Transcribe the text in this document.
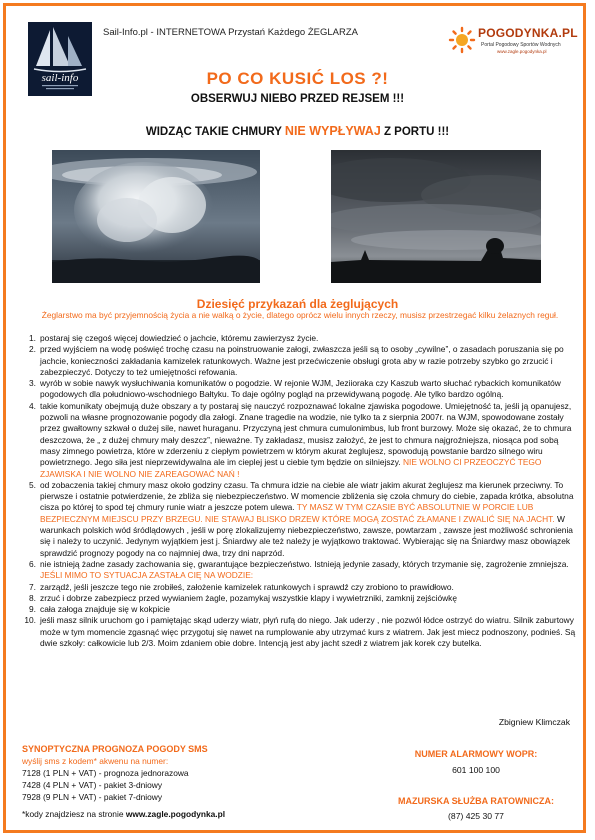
sail-info
Sail-Info.pl - INTERNETOWA Przystań Każdego ŻEGLARZA	POGODYNKA.PL
Portal Pogodowy Sportów Wodnych
www.zagle.pogodynka.pl
PO CO KUSIĆ LOS ?!
OBSERWUJ NIEBO PRZED REJSEM !!!
WIDZĄC TAKIE CHMURY NIE WYPŁYWAJ Z PORTU !!!
Dziesięć przykazań dla żeglujących
Żeglarstwo ma być przyjemnością życia a nie walką o życie, dlatego oprócz wielu innych rzeczy, musisz przestrzegać kilku żelaznych reguł.
postaraj się czegoś więcej dowiedzieć o jachcie, któremu zawierzysz życie.
przed wyjściem na wodę poświęć trochę czasu na poinstruowanie załogi, zwłaszcza jeśli są to osoby „cywilne”, o zasadach poruszania się po jachcie, konieczności zakładania kamizelek ratunkowych. Ważne jest przećwiczenie obsługi grota aby w razie potrzeby szybko go zrzucić i zabezpieczyć. Dotyczy to też umiejętności refowania.
wyrób w sobie nawyk wysłuchiwania komunikatów o pogodzie. W rejonie WJM, Jeziioraka czy Kaszub warto słuchać rybackich komunikatów pogodowych dla południowo-wschodniego Bałtyku. To daje ogólny pogląd na przewidywaną pogodę. Ale tylko bardzo ogólną.
takie komunikaty obejmują duże obszary a ty postaraj się nauczyć rozpoznawać lokalne zjawiska pogodowe. Umiejętność ta, jeśli ją opanujesz, pozwoli na własne prognozowanie pogody dla załogi. Znane tragedie na wodzie, nie tylko ta z sierpnia 2007r. na WJM, spowodowane zostały przez gwałtowny szkwał o dużej sile, nawet huraganu. Przyczyną jest chmura cumulonimbus, lub front burzowy. Może się okazać, że to chmura deszczowa, że „ z dużej chmury mały deszcz”, nieważne. Ty zakładasz, musisz założyć, że jest to chmura najgroźniejsza, niosąca pod sobą masy zimnego powietrza, które w zderzeniu z ciepłym powietrzem w którym akurat żeglujesz, spowodują powstanie bardzo silnego wiru powietrznego. Jego siła jest nieprzewidywalna ale im cieplej jest u ciebie tym będzie on silniejszy. NIE WOLNO CI PRZEOCZYĆ TEGO ZJAWISKA I NIE WOLNO NIE ZAREAGOWAĆ NAŃ !
od zobaczenia takiej chmury masz około godziny czasu. Ta chmura idzie na ciebie ale wiatr jakim akurat żeglujesz ma kierunek przeciwny. To pierwsze i ostatnie potwierdzenie, że zbliża się niebezpieczeństwo. W momencie zbliżenia się czoła chmury do ciebie, zapada krótka, absolutna cisza po której to spod tej chmury runie wiatr a jeszcze potem ulewa. TY MASZ W TYM CZASIE BYĆ ABSOLUTNIE W PORCIE LUB BEZPIECZNYM MIEJSCU PRZY BRZEGU. NIE STAWAJ BLISKO DRZEW KTÓRE MOGĄ ZOSTAĆ ZŁAMANE I ZWALIĆ SIĘ NA JACHT. W warunkach polskich wód śródlądowych , jeśli w porę zlokalizujemy niebezpieczeństwo, zawsze, powtarzam , zawsze jest możliwość schronienia się i należy to uczynić. Jedynym wyjątkiem jest j. Śniardwy ale też należy je wyjątkowo traktować. Wybierając się na Śniardwy masz obowiązek sprawdzić prognozy pogody na co najmniej dwa, trzy dni naprzód.
nie istnieją żadne zasady zachowania się, gwarantujące bezpieczeństwo. Istnieją jedynie zasady, których trzymanie się, zagrożenie zmniejsza. JEŚLI MIMO TO SYTUACJA ZASTAŁA CIĘ NA WODZIE:
zarządź, jeśli jeszcze tego nie zrobiłeś, założenie kamizelek ratunkowych i sprawdź czy zrobiono to prawidłowo.
zrzuć i dobrze zabezpiecz przed wywianiem żagle, pozamykaj wszystkie klapy i wywietrzniki, zamknij zejściówkę
cała załoga znajduje się w kokpicie
jeśli masz silnik uruchom go i pamiętając skąd uderzy wiatr, płyń rufą do niego. Jak uderzy , nie pozwól łódce ostrzyć do wiatru. Silnik zaburtowy może w tym momencie zgasnąć więc przygotuj się nawet na rumplowanie aby utrzymać kurs z wiatrem. Jak jest miecz podnoszony, podnieś. Są dwie szkoły: całkowicie lub 2/3. Moim zdaniem obie dobre. Intencją jest aby jacht szedł z wiatrem jak korek czy butelka.
Zbigniew Klimczak
SYNOPTYCZNA PROGNOZA POGODY SMS
wyślij sms z kodem* akwenu na numer:
7128 (1 PLN + VAT) - prognoza jednorazowa
7428 (4 PLN + VAT) - pakiet 3-dniowy
7928 (9 PLN + VAT) - pakiet 7-dniowy
*kody znajdziesz na stronie www.zagle.pogodynka.pl
NUMER ALARMOWY WOPR:
601 100 100
MAZURSKA SŁUŻBA RATOWNICZA:
(87) 425 30 77
